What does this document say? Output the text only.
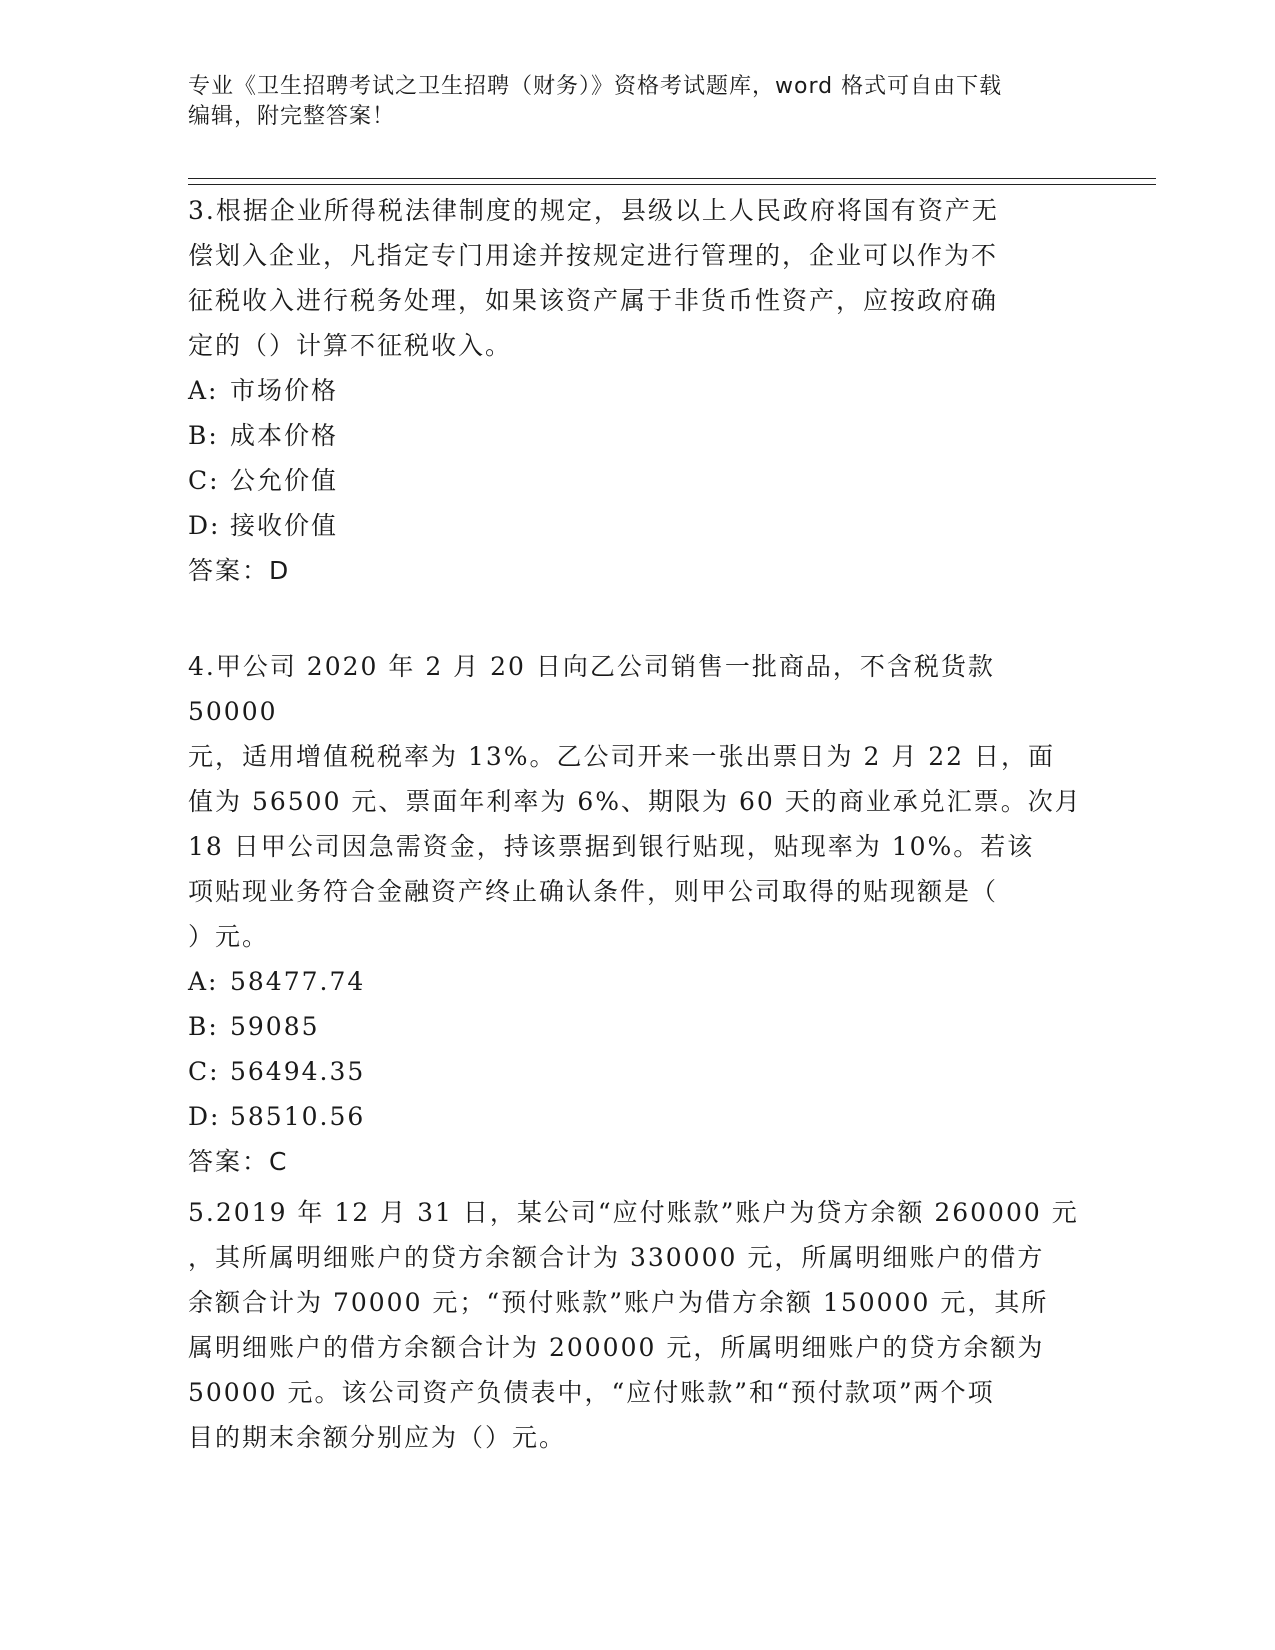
专业《卫生招聘考试之卫生招聘（财务）》资格考试题库，word 格式可自由下载
编辑，附完整答案！

3.根据企业所得税法律制度的规定，县级以上人民政府将国有资产无

偿划入企业，凡指定专门用途并按规定进行管理的，企业可以作为不

征税收入进行税务处理，如果该资产属于非货币性资产，应按政府确

定的（）计算不征税收入。

A: 市场价格
B: 成本价格
C: 公允价值
D: 接收价值

答案：D

4.甲公司 2020 年 2 月 20 日向乙公司销售一批商品，不含税货款 50000

元，适用增值税税率为 13%。乙公司开来一张出票日为 2 月 22 日，面

值为 56500 元、票面年利率为 6%、期限为 60 天的商业承兑汇票。次月

18 日甲公司因急需资金，持该票据到银行贴现，贴现率为 10%。若该

项贴现业务符合金融资产终止确认条件，则甲公司取得的贴现额是（

）元。

A: 58477.74
B: 59085
C: 56494.35
D: 58510.56

答案：C

5.2019 年 12 月 31 日，某公司“应付账款”账户为贷方余额 260000 元

，其所属明细账户的贷方余额合计为 330000 元，所属明细账户的借方

余额合计为 70000 元；“预付账款”账户为借方余额 150000 元，其所

属明细账户的借方余额合计为 200000 元，所属明细账户的贷方余额为

50000 元。该公司资产负债表中，“应付账款”和“预付款项”两个项

目的期末余额分别应为（）元。
